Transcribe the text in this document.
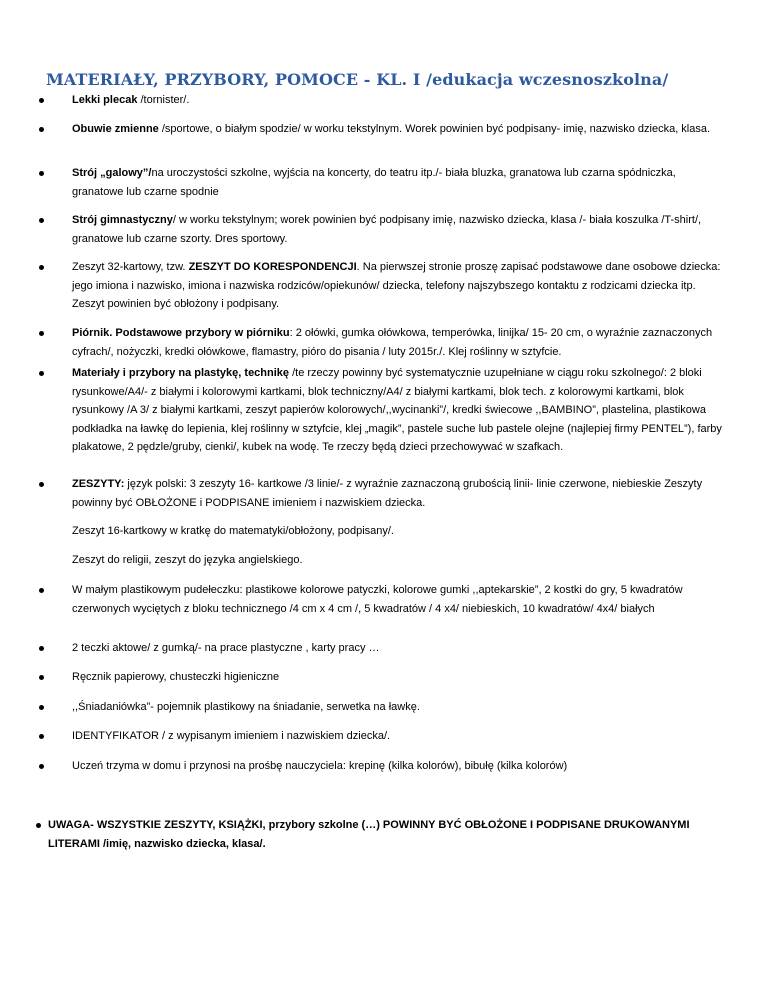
MATERIAŁY, PRZYBORY, POMOCE - KL. I /edukacja wczesnoszkolna/

Lekki plecak /tornister/.

Obuwie zmienne /sportowe, o białym spodzie/ w worku tekstylnym. Worek powinien być podpisany- imię, nazwisko dziecka, klasa.

Strój „galowy”/na uroczystości szkolne, wyjścia na koncerty, do teatru itp./- biała bluzka, granatowa lub czarna spódniczka, granatowe lub czarne spodnie

Strój gimnastyczny/ w worku tekstylnym; worek powinien być podpisany imię, nazwisko dziecka, klasa /- biała koszulka /T-shirt/, granatowe lub czarne szorty. Dres sportowy.

Zeszyt 32-kartowy, tzw. ZESZYT DO KORESPONDENCJI. Na pierwszej stronie proszę zapisać podstawowe dane osobowe dziecka: jego imiona i nazwisko, imiona i nazwiska rodziców/opiekunów/ dziecka, telefony najszybszego kontaktu z rodzicami dziecka itp. Zeszyt powinien być obłożony i podpisany.

Piórnik. Podstawowe przybory w piórniku: 2 ołówki, gumka ołówkowa, temperówka, linijka/ 15- 20 cm, o wyraźnie zaznaczonych cyfrach/, nożyczki, kredki ołówkowe, flamastry, pióro do pisania / luty 2015r./. Klej roślinny w sztyfcie.

Materiały i przybory na plastykę, technikę /te rzeczy powinny być systematycznie uzupełniane w ciągu roku szkolnego/: 2 bloki rysunkowe/A4/- z białymi i kolorowymi kartkami, blok techniczny/A4/ z białymi kartkami, blok tech. z kolorowymi kartkami, blok rysunkowy /A 3/ z białymi kartkami, zeszyt papierów kolorowych/,,wycinanki”/, kredki świecowe ,,BAMBINO”, plastelina, plastikowa podkładka na ławkę do lepienia, klej roślinny w sztyfcie, klej „magik”, pastele suche lub pastele olejne (najlepiej firmy PENTEL”), farby plakatowe, 2 pędzle/gruby, cienki/, kubek na wodę. Te rzeczy będą dzieci przechowywać w szafkach.

ZESZYTY: język polski: 3 zeszyty 16- kartkowe /3 linie/- z wyraźnie zaznaczoną grubością linii- linie czerwone, niebieskie Zeszyty powinny być OBŁOŻONE i PODPISANE imieniem i nazwiskiem dziecka.

Zeszyt 16-kartkowy w kratkę do matematyki/obłożony, podpisany/.

Zeszyt do religii, zeszyt do języka angielskiego.

W małym plastikowym pudełeczku: plastikowe kolorowe patyczki, kolorowe gumki ,,aptekarskie”, 2 kostki do gry, 5 kwadratów czerwonych wyciętych z bloku technicznego /4 cm x 4 cm /, 5 kwadratów / 4 x4/ niebieskich, 10 kwadratów/ 4x4/ białych

2 teczki aktowe/ z gumką/- na prace plastyczne , karty pracy …

Ręcznik papierowy, chusteczki higieniczne

,,Śniadaniówka”- pojemnik plastikowy na śniadanie, serwetka na ławkę.

IDENTYFIKATOR / z wypisanym imieniem i nazwiskiem dziecka/.

Uczeń trzyma w domu i przynosi na prośbę nauczyciela: krepinę (kilka kolorów), bibułę (kilka kolorów)

UWAGA- WSZYSTKIE ZESZYTY, KSIĄŻKI, przybory szkolne (…) POWINNY BYĆ OBŁOŻONE I PODPISANE DRUKOWANYMI LITERAMI /imię, nazwisko dziecka, klasa/.
